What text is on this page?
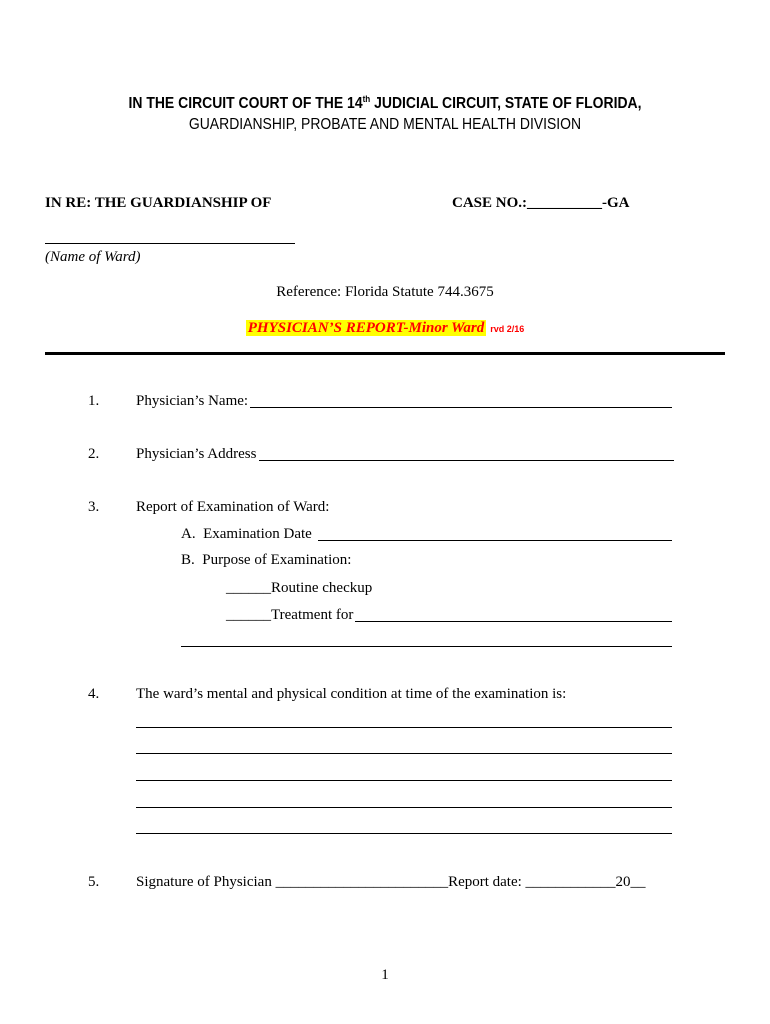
IN THE CIRCUIT COURT OF THE 14th JUDICIAL CIRCUIT, STATE OF FLORIDA,
GUARDIANSHIP, PROBATE AND MENTAL HEALTH DIVISION
IN RE: THE GUARDIANSHIP OF	CASE NO.:__________-GA
(Name of Ward)
Reference: Florida Statute 744.3675
PHYSICIAN’S REPORT-Minor Ward rvd 2/16
1. Physician’s Name:
2. Physician’s Address
3. Report of Examination of Ward:
A.  Examination Date
B.  Purpose of Examination:
______Routine checkup
______Treatment for
4. The ward’s mental and physical condition at time of the examination is:
5. Signature of Physician _______________________Report date: ____________20__
1
